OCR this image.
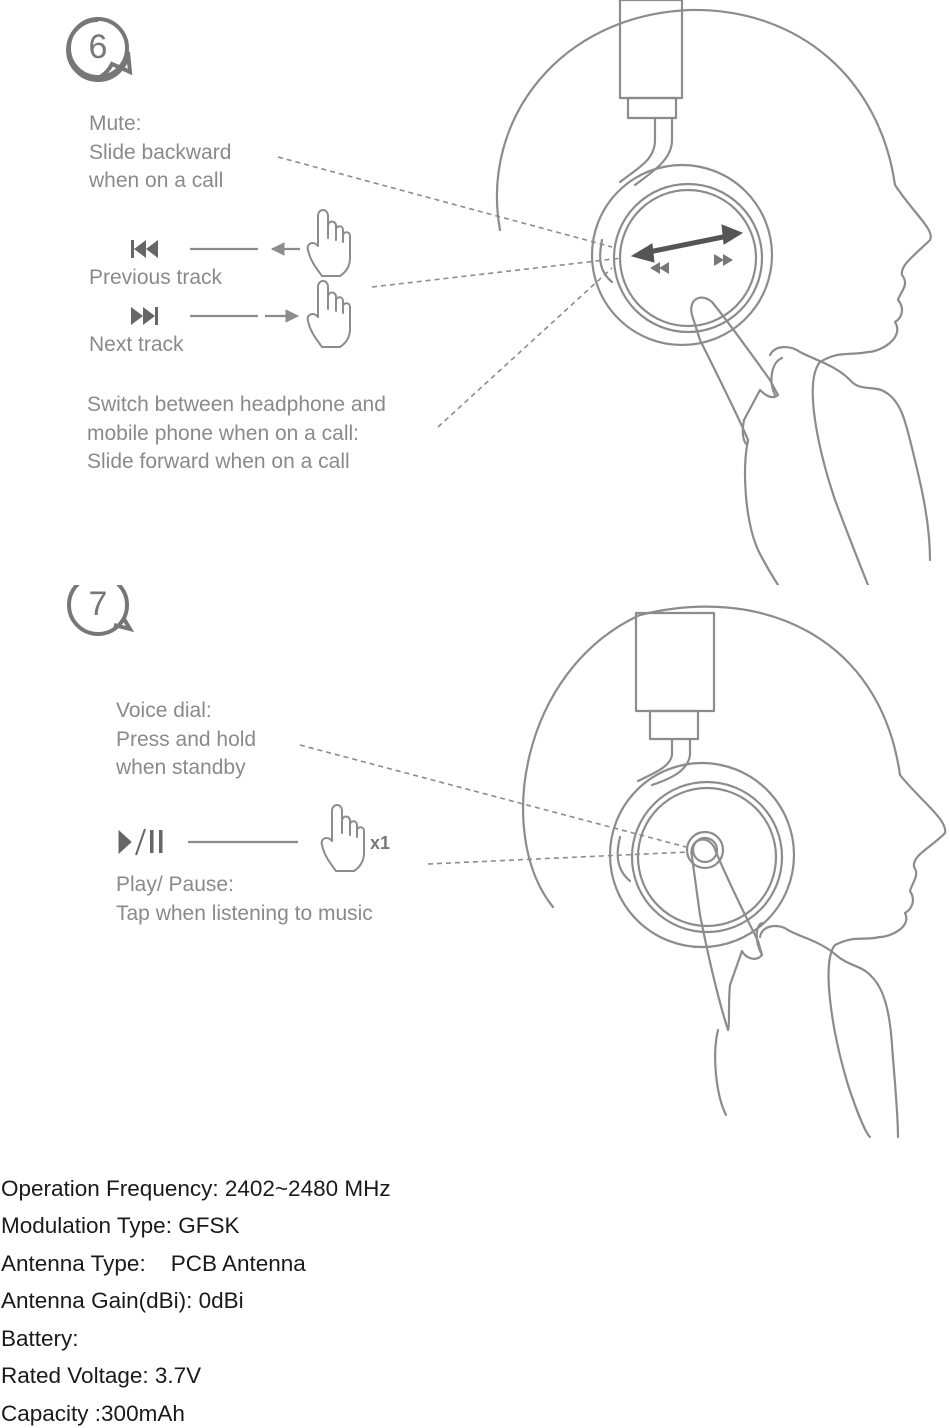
6
Mute:
Slide backward
when on a call
Previous track
Next track
Switch between headphone and
mobile phone when on a call:
Slide forward when on a call
7
Voice dial:
Press and hold
when standby
x1
Play/ Pause:
Tap when listening to music
Operation Frequency: 2402~2480 MHz
Modulation Type: GFSK
Antenna Type:    PCB Antenna
Antenna Gain(dBi): 0dBi
Battery:
Rated Voltage: 3.7V
Capacity :300mAh
